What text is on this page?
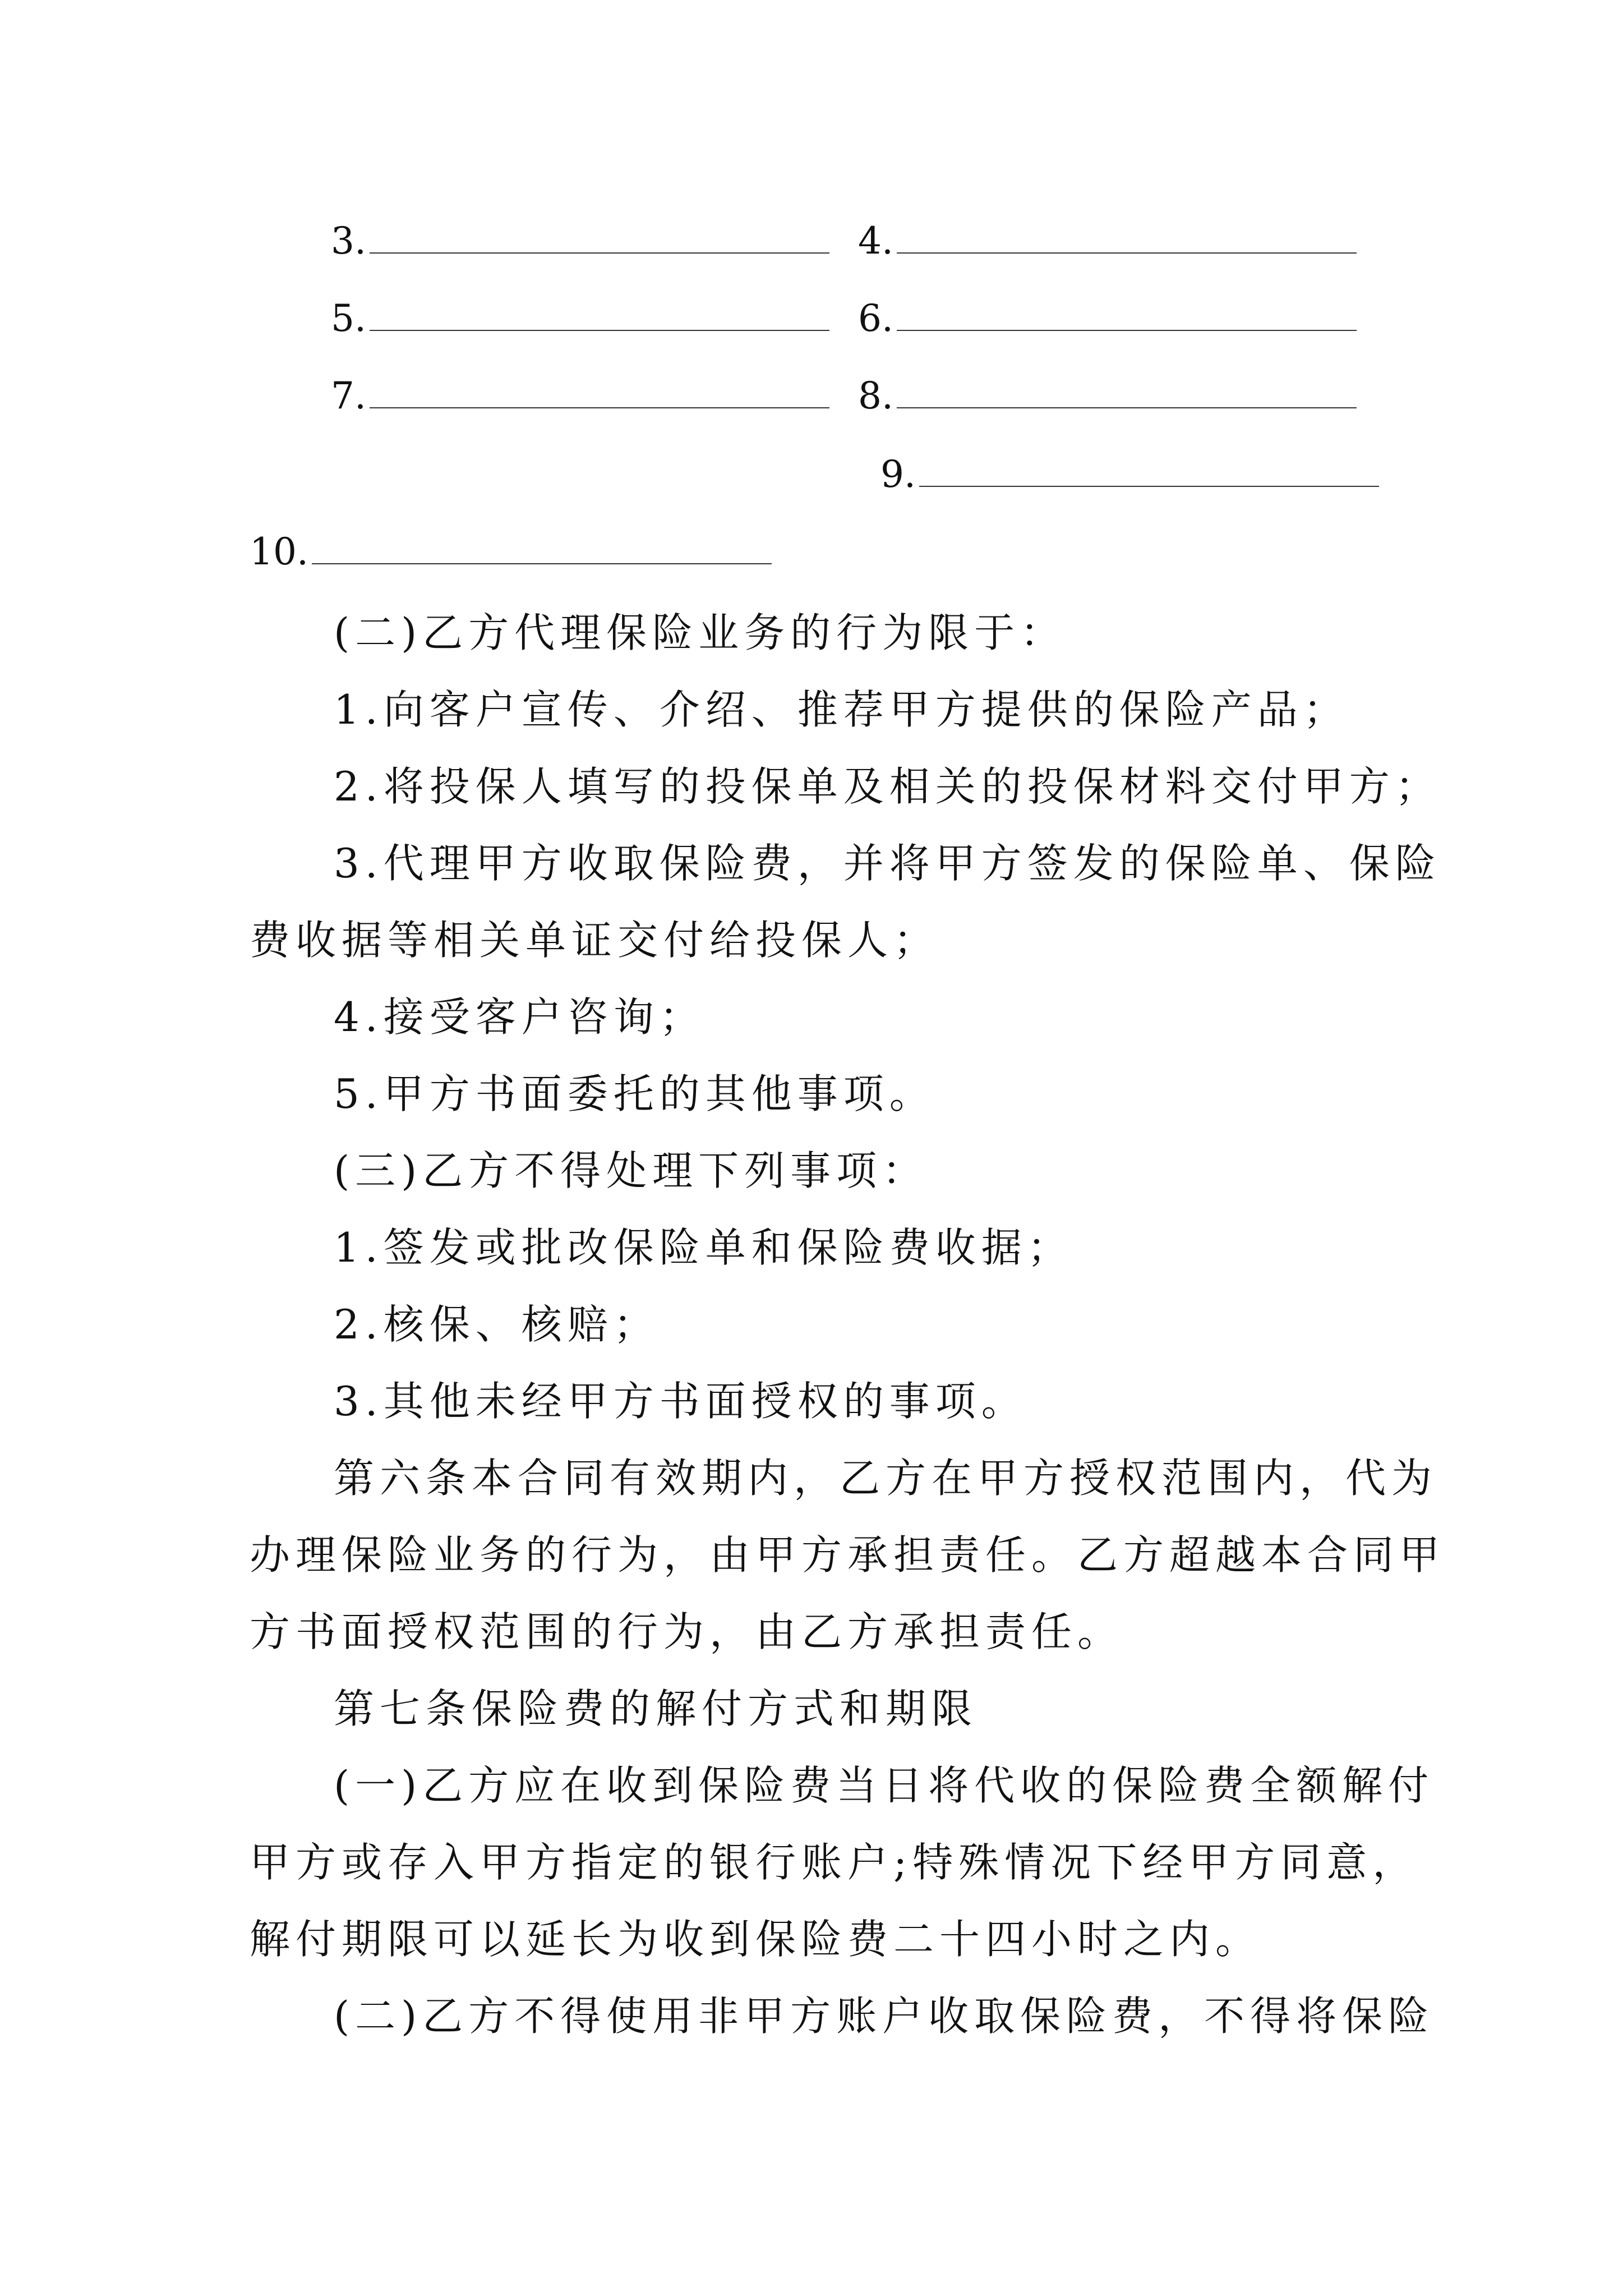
3.	4.
5.	6.
7.	8.
9.
10.
(二)乙方代理保险业务的行为限于：
1.向客户宣传、介绍、推荐甲方提供的保险产品；
2.将投保人填写的投保单及相关的投保材料交付甲方；
3.代理甲方收取保险费，并将甲方签发的保险单、保险
费收据等相关单证交付给投保人；
4.接受客户咨询；
5.甲方书面委托的其他事项。
(三)乙方不得处理下列事项：
1.签发或批改保险单和保险费收据；
2.核保、核赔；
3.其他未经甲方书面授权的事项。
第六条本合同有效期内，乙方在甲方授权范围内，代为
办理保险业务的行为，由甲方承担责任。乙方超越本合同甲
方书面授权范围的行为，由乙方承担责任。
第七条保险费的解付方式和期限
(一)乙方应在收到保险费当日将代收的保险费全额解付
甲方或存入甲方指定的银行账户;特殊情况下经甲方同意，
解付期限可以延长为收到保险费二十四小时之内。
(二)乙方不得使用非甲方账户收取保险费，不得将保险
